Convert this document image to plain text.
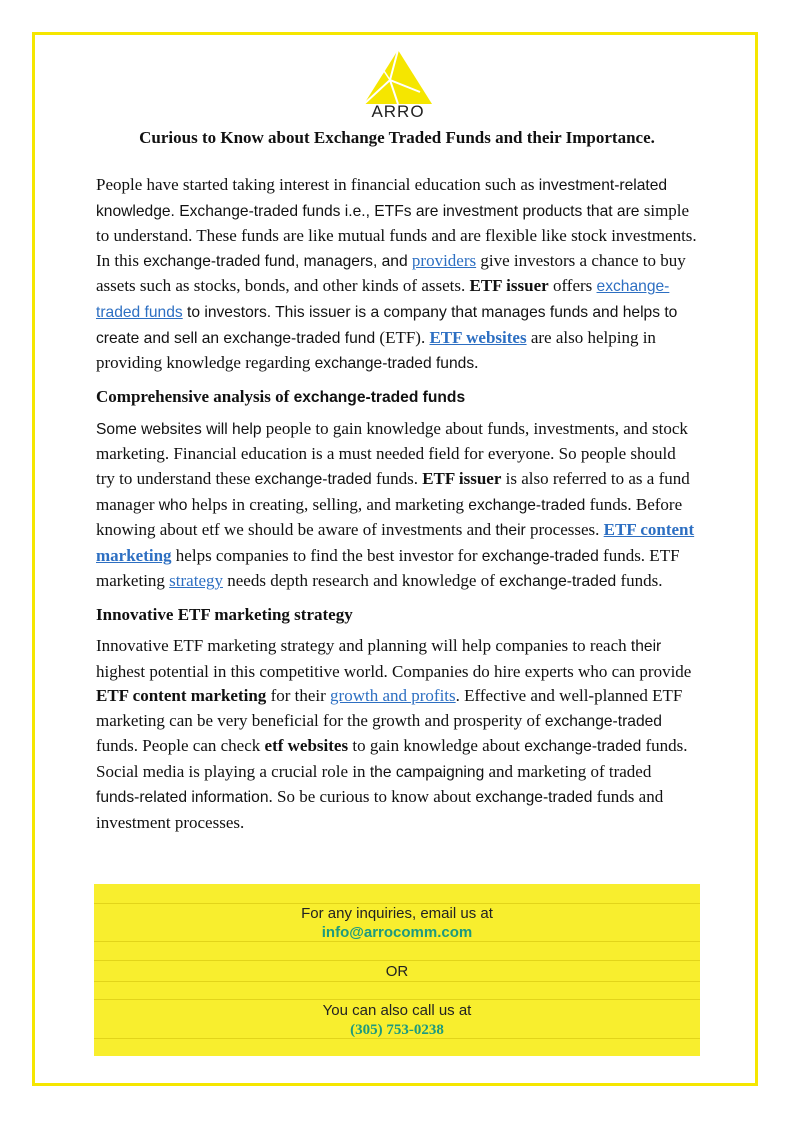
ARRO
Curious to Know about Exchange Traded Funds and their Importance.

People have started taking interest in financial education such as investment-related knowledge. Exchange-traded funds i.e., ETFs are investment products that are simple to understand. These funds are like mutual funds and are flexible like stock investments. In this exchange-traded fund, managers, and providers give investors a chance to buy assets such as stocks, bonds, and other kinds of assets. ETF issuer offers exchange-traded funds to investors. This issuer is a company that manages funds and helps to create and sell an exchange-traded fund (ETF). ETF websites are also helping in providing knowledge regarding exchange-traded funds.

Comprehensive analysis of exchange-traded funds

Some websites will help people to gain knowledge about funds, investments, and stock marketing. Financial education is a must needed field for everyone. So people should try to understand these exchange-traded funds. ETF issuer is also referred to as a fund manager who helps in creating, selling, and marketing exchange-traded funds. Before knowing about etf we should be aware of investments and their processes. ETF content marketing helps companies to find the best investor for exchange-traded funds. ETF marketing strategy needs depth research and knowledge of exchange-traded funds.

Innovative ETF marketing strategy

Innovative ETF marketing strategy and planning will help companies to reach their highest potential in this competitive world. Companies do hire experts who can provide ETF content marketing for their growth and profits. Effective and well-planned ETF marketing can be very beneficial for the growth and prosperity of exchange-traded funds. People can check etf websites to gain knowledge about exchange-traded funds. Social media is playing a crucial role in the campaigning and marketing of traded funds-related information. So be curious to know about exchange-traded funds and investment processes.

For any inquiries, email us at
info@arrocomm.com
OR
You can also call us at
(305) 753-0238
